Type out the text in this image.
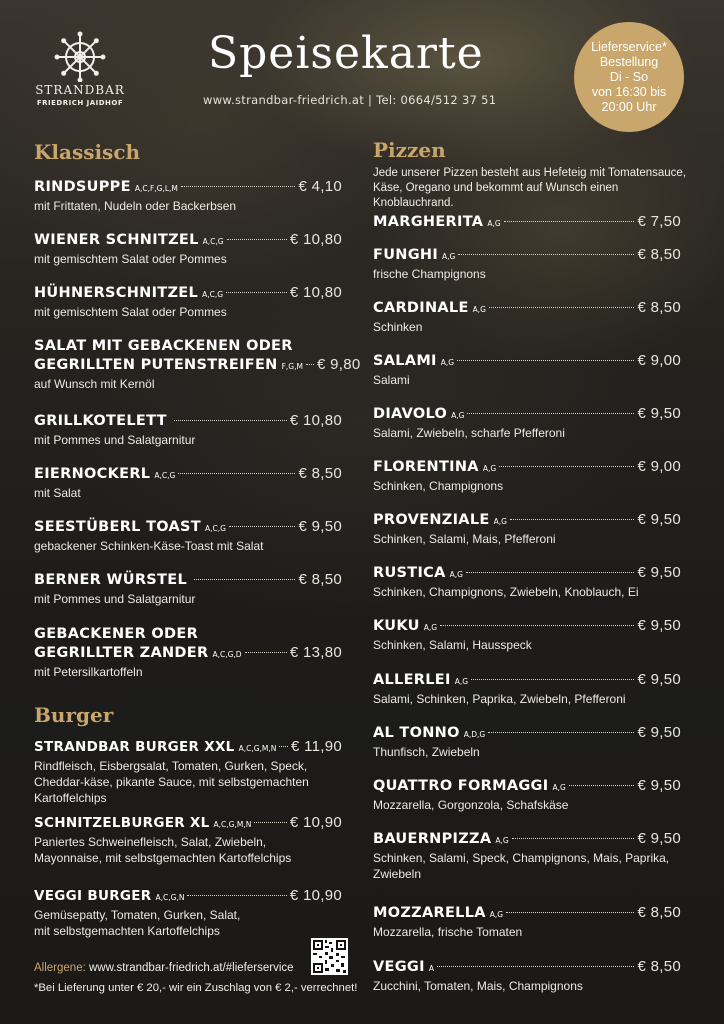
STRANDBAR
FRIEDRICH JAIDHOF
Speisekarte
www.strandbar-friedrich.at | Tel: 0664/512 37 51
Lieferservice*
Bestellung
Di - So
von 16:30 bis
20:00 Uhr
Klassisch
RINDSUPPE A,C,F,G,L,M	€ 4,10
mit Frittaten, Nudeln oder Backerbsen
WIENER SCHNITZEL A,C,G	€ 10,80
mit gemischtem Salat oder Pommes
HÜHNERSCHNITZEL A,C,G	€ 10,80
mit gemischtem Salat oder Pommes
SALAT MIT GEBACKENEN ODER
GEGRILLTEN PUTENSTREIFEN F,G,M € 9,80
auf Wunsch mit Kernöl
GRILLKOTELETT	€ 10,80
mit Pommes und Salatgarnitur
EIERNOCKERL A,C,G	€ 8,50
mit Salat
SEESTÜBERL TOAST A,C,G	€ 9,50
gebackener Schinken-Käse-Toast mit Salat
BERNER WÜRSTEL	€ 8,50
mit Pommes und Salatgarnitur
GEBACKENER ODER
GEGRILLTER ZANDER A,C,G,D	€ 13,80
mit Petersilkartoffeln
Burger
STRANDBAR BURGER XXL A,C,G,M,N € 11,90
Rindfleisch, Eisbergsalat, Tomaten, Gurken, Speck, Cheddar-käse, pikante Sauce, mit selbstgemachten Kartoffelchips
SCHNITZELBURGER XL A,C,G,M,N	€ 10,90
Paniertes Schweinefleisch, Salat, Zwiebeln, Mayonnaise, mit selbstgemachten Kartoffelchips
VEGGI BURGER A,C,G,N	€ 10,90
Gemüsepatty, Tomaten, Gurken, Salat, mit selbstgemachten Kartoffelchips
Allergene: www.strandbar-friedrich.at/#lieferservice
*Bei Lieferung unter € 20,- wir ein Zuschlag von € 2,- verrechnet!
Pizzen
Jede unserer Pizzen besteht aus Hefeteig mit Tomatensauce, Käse, Oregano und bekommt auf Wunsch einen Knoblauchrand.
MARGHERITA A,G	€ 7,50
FUNGHI A,G	€ 8,50
frische Champignons
CARDINALE A,G	€ 8,50
Schinken
SALAMI A,G	€ 9,00
Salami
DIAVOLO A,G	€ 9,50
Salami, Zwiebeln, scharfe Pfefferoni
FLORENTINA A,G	€ 9,00
Schinken, Champignons
PROVENZIALE A,G	€ 9,50
Schinken, Salami, Mais, Pfefferoni
RUSTICA A,G	€ 9,50
Schinken, Champignons, Zwiebeln, Knoblauch, Ei
KUKU A,G	€ 9,50
Schinken, Salami, Hausspeck
ALLERLEI A,G	€ 9,50
Salami, Schinken, Paprika, Zwiebeln, Pfefferoni
AL TONNO A,D,G	€ 9,50
Thunfisch, Zwiebeln
QUATTRO FORMAGGI A,G	€ 9,50
Mozzarella, Gorgonzola, Schafskäse
BAUERNPIZZA A,G	€ 9,50
Schinken, Salami, Speck, Champignons, Mais, Paprika, Zwiebeln
MOZZARELLA A,G	€ 8,50
Mozzarella, frische Tomaten
VEGGI A	€ 8,50
Zucchini, Tomaten, Mais, Champignons
